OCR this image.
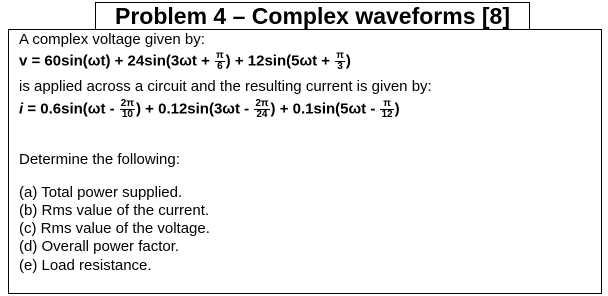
Problem 4 – Complex waveforms [8]
A complex voltage given by:
$v = 60\sin(\omega t) + 24\sin(3\omega t + \frac{\pi}{6}$ ) + $12\sin(5\omega t + \frac{\pi}{3}$ )
is applied across a circuit and the resulting current is given by:
$i = 0.6\sin(\omega t - \frac{2\pi}{10}$ ) + $0.12\sin(3\omega t - \frac{2\pi}{24}$ ) + $0.1\sin(5\omega t - \frac{\pi}{12}$ )
Determine the following:
(a) Total power supplied.
(b) Rms value of the current.
(c) Rms value of the voltage.
(d) Overall power factor.
(e) Load resistance.
